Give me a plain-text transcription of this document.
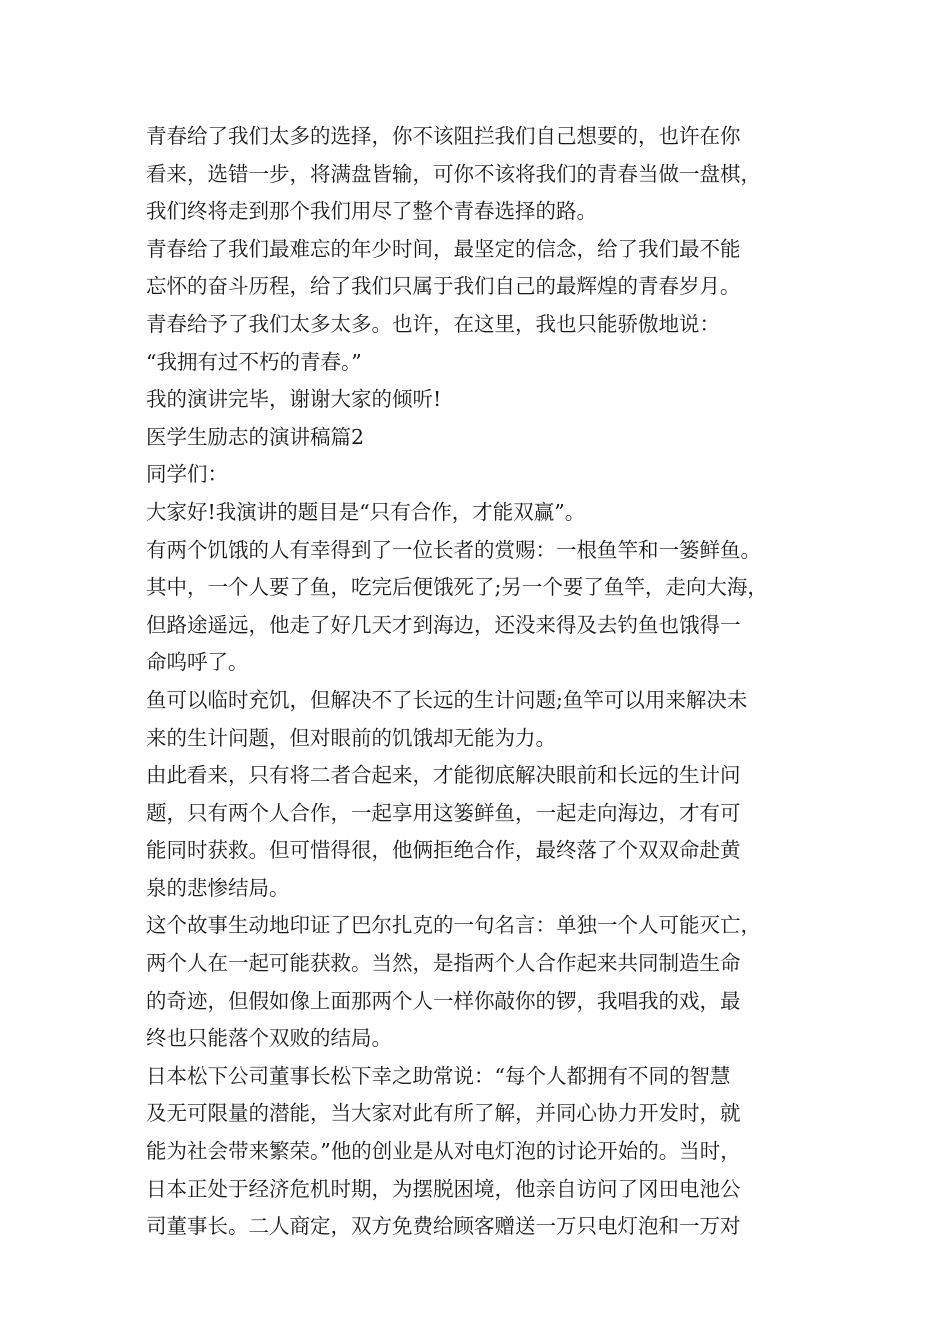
青春给了我们太多的选择，你不该阻拦我们自己想要的，也许在你
看来，选错一步，将满盘皆输，可你不该将我们的青春当做一盘棋，
我们终将走到那个我们用尽了整个青春选择的路。
青春给了我们最难忘的年少时间，最坚定的信念，给了我们最不能
忘怀的奋斗历程，给了我们只属于我们自己的最辉煌的青春岁月。
青春给予了我们太多太多。也许，在这里，我也只能骄傲地说：
“我拥有过不朽的青春。”
我的演讲完毕，谢谢大家的倾听!
医学生励志的演讲稿篇2
同学们：
大家好!我演讲的题目是“只有合作，才能双赢”。
有两个饥饿的人有幸得到了一位长者的赏赐：一根鱼竿和一篓鲜鱼。
其中，一个人要了鱼，吃完后便饿死了;另一个要了鱼竿，走向大海，
但路途遥远，他走了好几天才到海边，还没来得及去钓鱼也饿得一
命呜呼了。
鱼可以临时充饥，但解决不了长远的生计问题;鱼竿可以用来解决未
来的生计问题，但对眼前的饥饿却无能为力。
由此看来，只有将二者合起来，才能彻底解决眼前和长远的生计问
题，只有两个人合作，一起享用这篓鲜鱼，一起走向海边，才有可
能同时获救。但可惜得很，他俩拒绝合作，最终落了个双双命赴黄
泉的悲惨结局。
这个故事生动地印证了巴尔扎克的一句名言：单独一个人可能灭亡，
两个人在一起可能获救。当然，是指两个人合作起来共同制造生命
的奇迹，但假如像上面那两个人一样你敲你的锣，我唱我的戏，最
终也只能落个双败的结局。
日本松下公司董事长松下幸之助常说：“每个人都拥有不同的智慧
及无可限量的潜能，当大家对此有所了解，并同心协力开发时，就
能为社会带来繁荣。”他的创业是从对电灯泡的讨论开始的。当时，
日本正处于经济危机时期，为摆脱困境，他亲自访问了冈田电池公
司董事长。二人商定，双方免费给顾客赠送一万只电灯泡和一万对
